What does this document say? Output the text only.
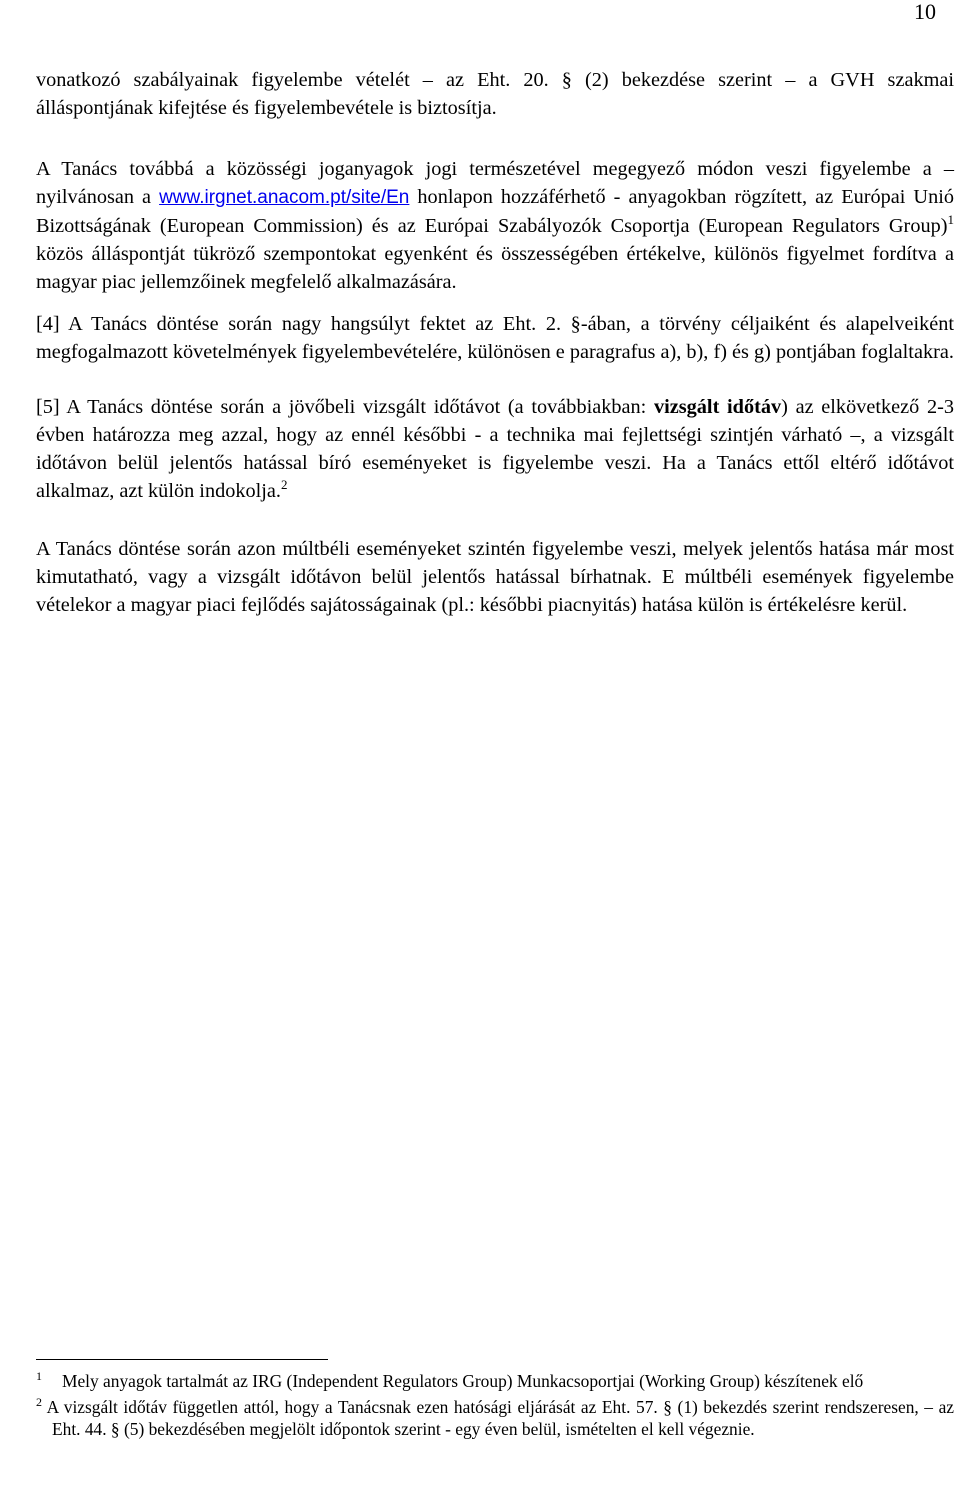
10

vonatkozó szabályainak figyelembe vételét – az Eht. 20. § (2) bekezdése szerint – a GVH szakmai álláspontjának kifejtése és figyelembevétele is biztosítja.

A Tanács továbbá a közösségi joganyagok jogi természetével megegyező módon veszi figyelembe a – nyilvánosan a www.irgnet.anacom.pt/site/En honlapon hozzáférhető - anyagokban rögzített, az Európai Unió Bizottságának (European Commission) és az Európai Szabályozók Csoportja (European Regulators Group)$^1$ közös álláspontját tükröző szempontokat egyenként és összességében értékelve, különös figyelmet fordítva a magyar piac jellemzőinek megfelelő alkalmazására.

[4] A Tanács döntése során nagy hangsúlyt fektet az Eht. 2. §-ában, a törvény céljaiként és alapelveiként megfogalmazott követelmények figyelembevételére, különösen e paragrafus a), b), f) és g) pontjában foglaltakra.

[5] A Tanács döntése során a jövőbeli vizsgált időtávot (a továbbiakban: vizsgált időtáv) az elkövetkező 2-3 évben határozza meg azzal, hogy az ennél későbbi - a technika mai fejlettségi szintjén várható –, a vizsgált időtávon belül jelentős hatással bíró eseményeket is figyelembe veszi. Ha a Tanács ettől eltérő időtávot alkalmaz, azt külön indokolja.$^2$

A Tanács döntése során azon múltbéli eseményeket szintén figyelembe veszi, melyek jelentős hatása már most kimutatható, vagy a vizsgált időtávon belül jelentős hatással bírhatnak. E múltbéli események figyelembe vételekor a magyar piaci fejlődés sajátosságainak (pl.: későbbi piacnyitás) hatása külön is értékelésre kerül.

$^1$ Mely anyagok tartalmát az IRG (Independent Regulators Group) Munkacsoportjai (Working Group) készítenek elő

$^2$ A vizsgált időtáv független attól, hogy a Tanácsnak ezen hatósági eljárását az Eht. 57. § (1) bekezdés szerint rendszeresen, – az Eht. 44. § (5) bekezdésében megjelölt időpontok szerint - egy éven belül, ismételten el kell végeznie.
